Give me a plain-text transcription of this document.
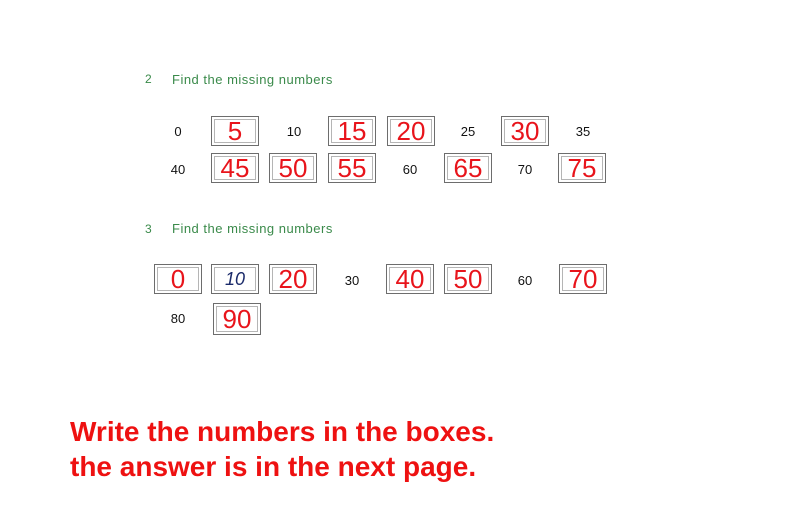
2 Find the missing numbers
0	5	10	15	20	25	30	35
40	45	50	55	60	65	70	75
3 Find the missing numbers
0	10	20	30	40	50	60	70
80	90
Write the numbers in the boxes.
the answer is in the next page.
